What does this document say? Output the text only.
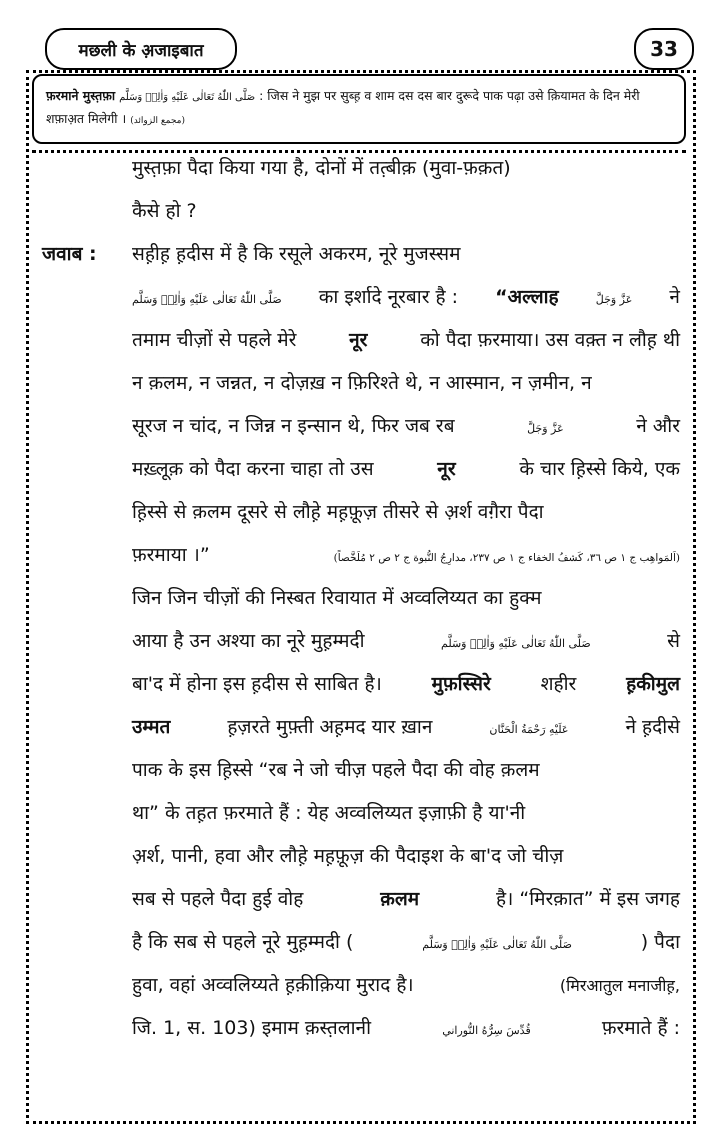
मछली के अ़जाइबात	33
फ़रमाने मुस्त़फ़ा صَلَّى اللّٰهُ تَعَالٰى عَلَيْهِ وَاٰلِهٖ وَسَلَّم : जिस ने मुझ पर सुब्ह़ व शाम दस दस बार दुरूदे पाक पढ़ा उसे क़ियामत के दिन मेरी शफ़ाअ़त मिलेगी । (مجمع الزوائد)
मुस्त़फ़ा पैदा किया गया है, दोनों में तत़्बीक़ (मुवा-फ़क़त)
कैसे हो ?
जवाब : सह़ीह़ ह़दीस में है कि रसूले अकरम, नूरे मुजस्सम
صَلَّى اللّٰهُ تَعَالٰى عَلَيْهِ وَاٰلِهٖ وَسَلَّم का इर्शादे नूरबार है : “अल्लाह	عَزَّ وَجَلَّ ने
तमाम चीज़ों से पहले मेरे	नूर	को पैदा फ़रमाया। उस वक़्त न लौह़ थी
न क़लम, न जन्नत, न दोज़ख़ न फ़िरिश्ते थे, न आस्मान, न ज़मीन, न
सूरज न चांद, न जिन्न न इन्सान थे, फिर जब रब	عَزَّ وَجَلَّ	ने और
मख़्लूक़ को पैदा करना चाहा तो उस	नूर	के चार ह़िस्से किये, एक
ह़िस्से से क़लम दूसरे से लौहे़ मह़फ़ूज़ तीसरे से अ़र्श वग़ैरा पैदा
फ़रमाया ।”	(اَلمَواهِب ج ١ ص ٣٦، كَشفُ الخفاء ج ١ ص ٢٣٧، مدارِجُ النُّبوة ج ٢ ص ٢ مُلَخَّصاً)
जिन जिन चीज़ों की निस्बत रिवायात में अव्वलिय्यत का हुक्म
आया है उन अश्या का नूरे मुह़म्मदी	صَلَّى اللّٰهُ تَعَالٰى عَلَيْهِ وَاٰلِهٖ وَسَلَّم	से
बा'द में होना इस ह़दीस से साबित है।	मुफ़स्सिरे	शहीर	ह़कीमुल
उम्मत	ह़ज़रते मुफ़्ती अह़मद यार ख़ान	عَلَيْهِ رَحْمَةُ الْحَنَّان	ने ह़दीसे
पाक के इस ह़िस्से “रब ने जो चीज़ पहले पैदा की वोह क़लम
था” के तह़त फ़रमाते हैं : येह अव्वलिय्यत इज़ाफ़ी है या'नी
अ़र्श, पानी, हवा और लौहे़ मह़फ़ूज़ की पैदाइश के बा'द जो चीज़
सब से पहले पैदा हुई वोह	क़लम	है। “मिरक़ात” में इस जगह
है कि सब से पहले नूरे मुह़म्मदी (	صَلَّى اللّٰهُ تَعَالٰى عَلَيْهِ وَاٰلِهٖ وَسَلَّم	) पैदा
हुवा, वहां अव्वलिय्यते ह़क़ीक़िया मुराद है।	(मिरआतुल मनाजीह़,
जि. 1, स. 103) इमाम क़स्त़लानी	قُدِّسَ سِرُّهُ النُّوراني	फ़रमाते हैं :
